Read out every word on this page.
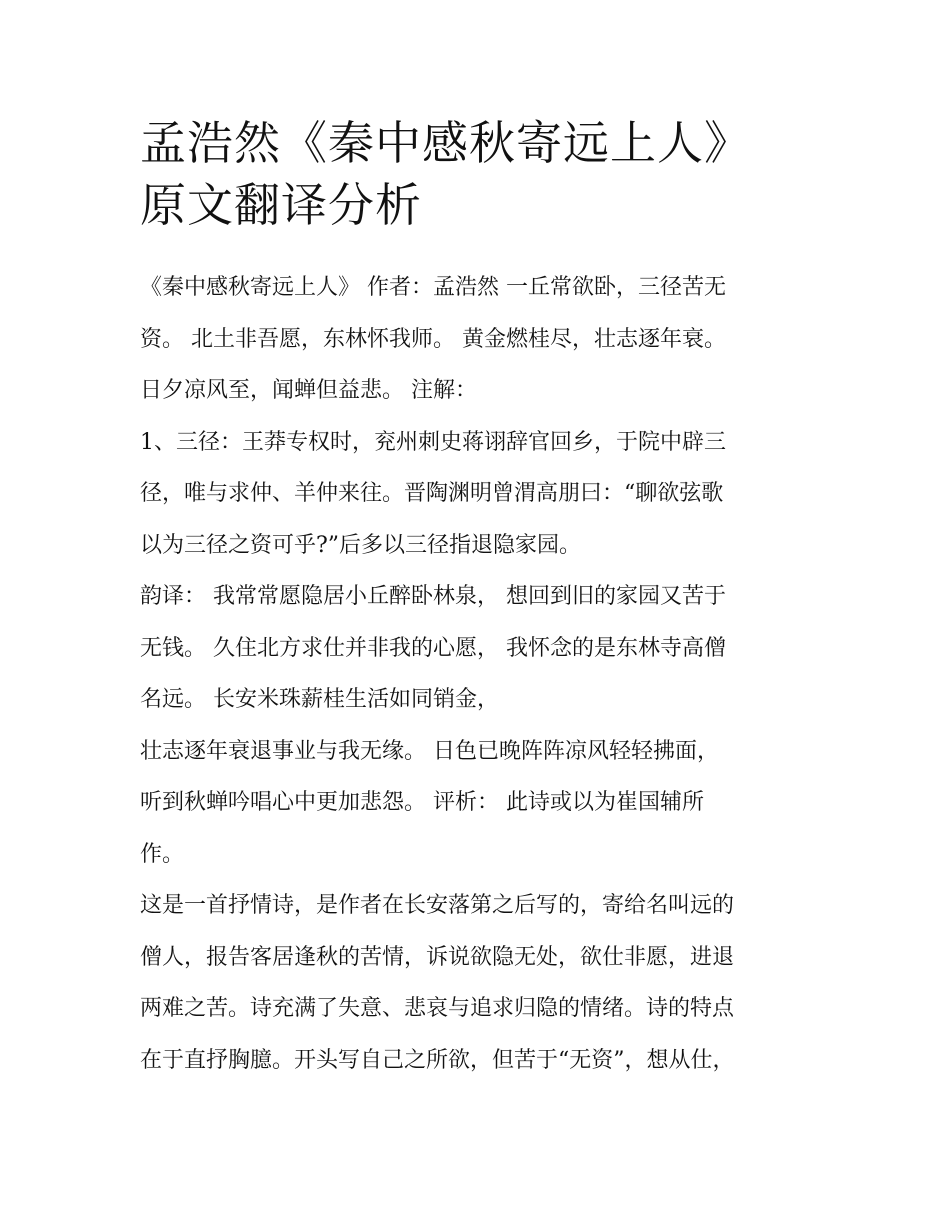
孟浩然《秦中感秋寄远上人》
原文翻译分析

《秦中感秋寄远上人》 作者：孟浩然 一丘常欲卧，三径苦无

资。 北土非吾愿，东林怀我师。 黄金燃桂尽，壮志逐年衰。

日夕凉风至，闻蝉但益悲。 注解：

1、三径：王莽专权时，兖州刺史蒋诩辞官回乡，于院中辟三

径，唯与求仲、羊仲来往。晋陶渊明曾渭高朋曰：“聊欲弦歌

以为三径之资可乎?”后多以三径指退隐家园。

韵译： 我常常愿隐居小丘醉卧林泉， 想回到旧的家园又苦于

无钱。 久住北方求仕并非我的心愿， 我怀念的是东林寺高僧

名远。 长安米珠薪桂生活如同销金，

壮志逐年衰退事业与我无缘。 日色已晚阵阵凉风轻轻拂面，

听到秋蝉吟唱心中更加悲怨。 评析： 此诗或以为崔国辅所

作。

这是一首抒情诗，是作者在长安落第之后写的，寄给名叫远的

僧人，报告客居逢秋的苦情，诉说欲隐无处，欲仕非愿，进退

两难之苦。诗充满了失意、悲哀与追求归隐的情绪。诗的特点

在于直抒胸臆。开头写自己之所欲，但苦于“无资”，想从仕，
